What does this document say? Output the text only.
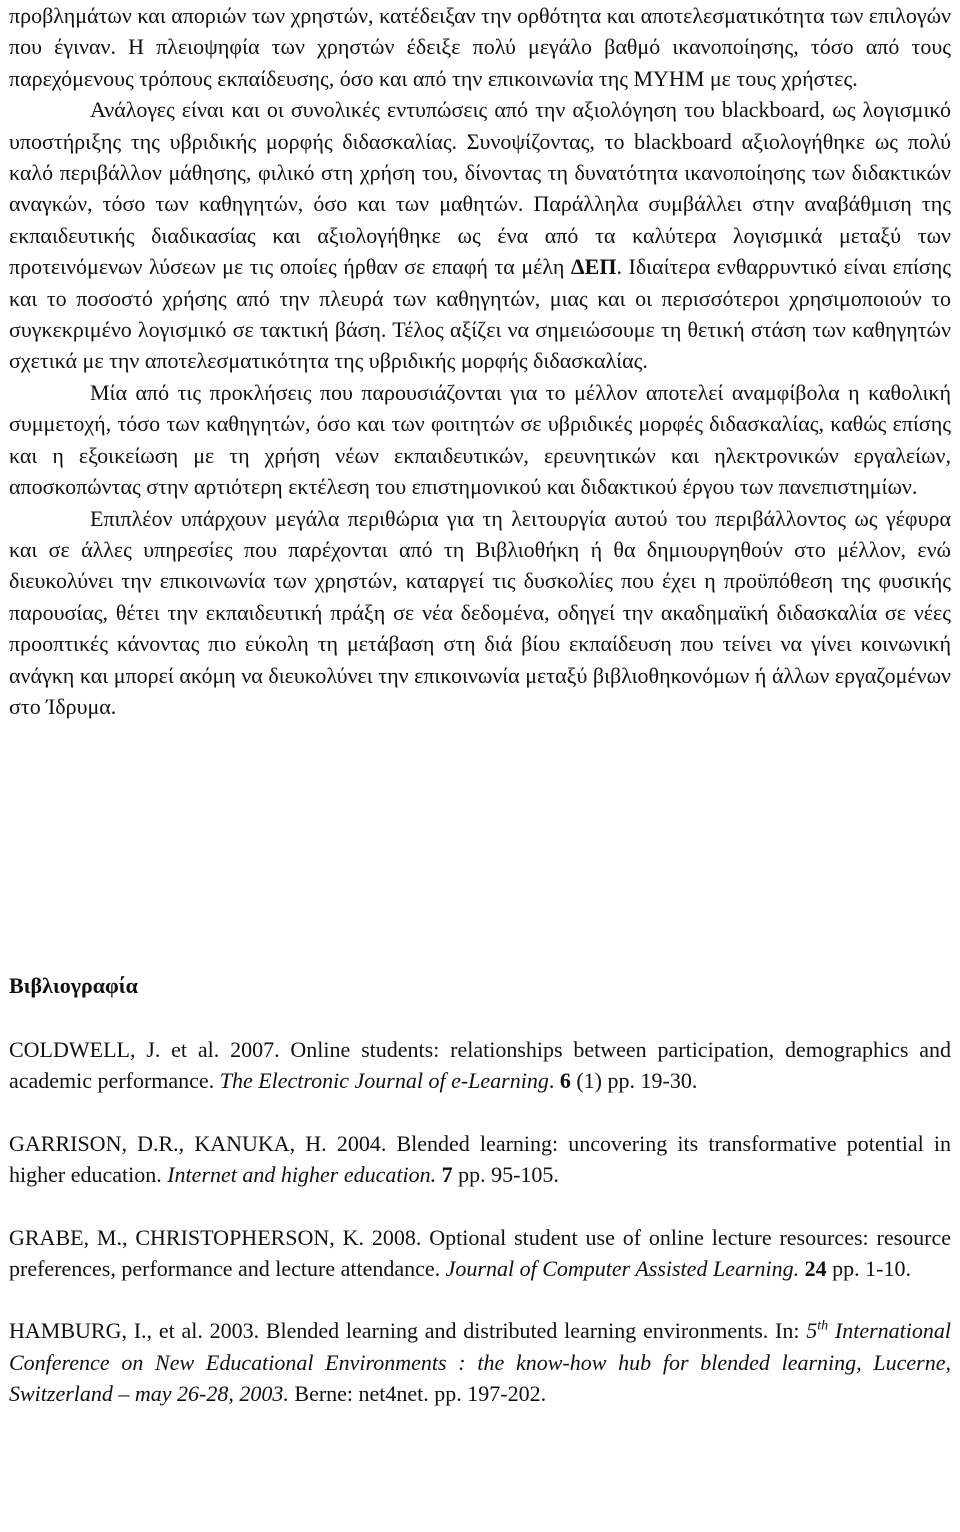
προβλημάτων και αποριών των χρηστών, κατέδειξαν την ορθότητα και αποτελεσματικότητα των επιλογών που έγιναν. Η πλειοψηφία των χρηστών έδειξε πολύ μεγάλο βαθμό ικανοποίησης, τόσο από τους παρεχόμενους τρόπους εκπαίδευσης, όσο και από την επικοινωνία της ΜΥΗΜ με τους χρήστες.

Ανάλογες είναι και οι συνολικές εντυπώσεις από την αξιολόγηση του blackboard, ως λογισμικό υποστήριξης της υβριδικής μορφής διδασκαλίας. Συνοψίζοντας, το blackboard αξιολογήθηκε ως πολύ καλό περιβάλλον μάθησης, φιλικό στη χρήση του, δίνοντας τη δυνατότητα ικανοποίησης των διδακτικών αναγκών, τόσο των καθηγητών, όσο και των μαθητών. Παράλληλα συμβάλλει στην αναβάθμιση της εκπαιδευτικής διαδικασίας και αξιολογήθηκε ως ένα από τα καλύτερα λογισμικά μεταξύ των προτεινόμενων λύσεων με τις οποίες ήρθαν σε επαφή τα μέλη ΔΕΠ. Ιδιαίτερα ενθαρρυντικό είναι επίσης και το ποσοστό χρήσης από την πλευρά των καθηγητών, μιας και οι περισσότεροι χρησιμοποιούν το συγκεκριμένο λογισμικό σε τακτική βάση. Τέλος αξίζει να σημειώσουμε τη θετική στάση των καθηγητών σχετικά με την αποτελεσματικότητα της υβριδικής μορφής διδασκαλίας.

Μία από τις προκλήσεις που παρουσιάζονται για το μέλλον αποτελεί αναμφίβολα η καθολική συμμετοχή, τόσο των καθηγητών, όσο και των φοιτητών σε υβριδικές μορφές διδασκαλίας, καθώς επίσης και η εξοικείωση με τη χρήση νέων εκπαιδευτικών, ερευνητικών και ηλεκτρονικών εργαλείων, αποσκοπώντας στην αρτιότερη εκτέλεση του επιστημονικού και διδακτικού έργου των πανεπιστημίων.

Επιπλέον υπάρχουν μεγάλα περιθώρια για τη λειτουργία αυτού του περιβάλλοντος ως γέφυρα και σε άλλες υπηρεσίες που παρέχονται από τη Βιβλιοθήκη ή θα δημιουργηθούν στο μέλλον, ενώ διευκολύνει την επικοινωνία των χρηστών, καταργεί τις δυσκολίες που έχει η προϋπόθεση της φυσικής παρουσίας, θέτει την εκπαιδευτική πράξη σε νέα δεδομένα, οδηγεί την ακαδημαϊκή διδασκαλία σε νέες προοπτικές κάνοντας πιο εύκολη τη μετάβαση στη διά βίου εκπαίδευση που τείνει να γίνει κοινωνική ανάγκη και μπορεί ακόμη να διευκολύνει την επικοινωνία μεταξύ βιβλιοθηκονόμων ή άλλων εργαζομένων στο Ίδρυμα.

Βιβλιογραφία

COLDWELL, J. et al. 2007. Online students: relationships between participation, demographics and academic performance. The Electronic Journal of e-Learning. 6 (1) pp. 19-30.

GARRISON, D.R., KANUKA, H. 2004. Blended learning: uncovering its transformative potential in higher education. Internet and higher education. 7 pp. 95-105.

GRABE, M., CHRISTOPHERSON, K. 2008. Optional student use of online lecture resources: resource preferences, performance and lecture attendance. Journal of Computer Assisted Learning. 24 pp. 1-10.

HAMBURG, I., et al. 2003. Blended learning and distributed learning environments. In: 5th International Conference on New Educational Environments : the know-how hub for blended learning, Lucerne, Switzerland – may 26-28, 2003. Berne: net4net. pp. 197-202.
